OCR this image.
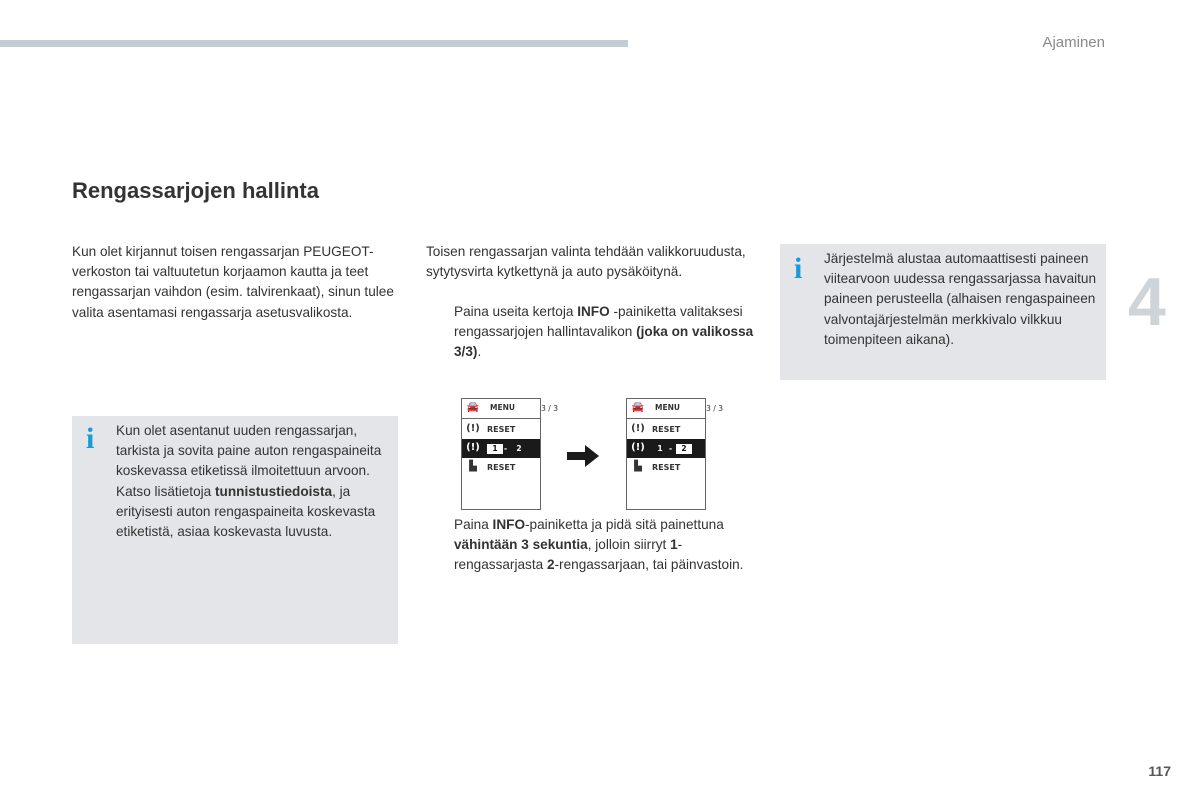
Ajaminen
4
117
Rengassarjojen hallinta

Kun olet kirjannut toisen rengassarjan PEUGEOT-verkoston tai valtuutetun korjaamon kautta ja teet rengassarjan vaihdon (esim. talvirenkaat), sinun tulee valita asentamasi rengassarja asetusvalikosta.

Toisen rengassarjan valinta tehdään valikkoruudusta, sytytysvirta kytkettynä ja auto pysäköitynä.

Paina useita kertoja INFO -painiketta valitaksesi rengassarjojen hallintavalikon (joka on valikossa 3/3).
Paina INFO-painiketta ja pidä sitä painettuna vähintään 3 sekuntia, jolloin siirryt 1-rengassarjasta 2-rengassarjaan, tai päinvastoin.
🚘 MENU	3 / 3
(!) RESET
(!)	1 -	2
▙	RESET
🚘 MENU	3 / 3
(!) RESET
(!)	1 -	2
▙	RESET
i Kun olet asentanut uuden rengassarjan, tarkista ja sovita paine auton rengaspaineita koskevassa etiketissä ilmoitettuun arvoon.
Katso lisätietoja tunnistustiedoista, ja erityisesti auton rengaspaineita koskevasta etiketistä, asiaa koskevasta luvusta.
i Järjestelmä alustaa automaattisesti paineen viitearvoon uudessa rengassarjassa havaitun paineen perusteella (alhaisen rengaspaineen valvontajärjestelmän merkkivalo vilkkuu toimenpiteen aikana).
